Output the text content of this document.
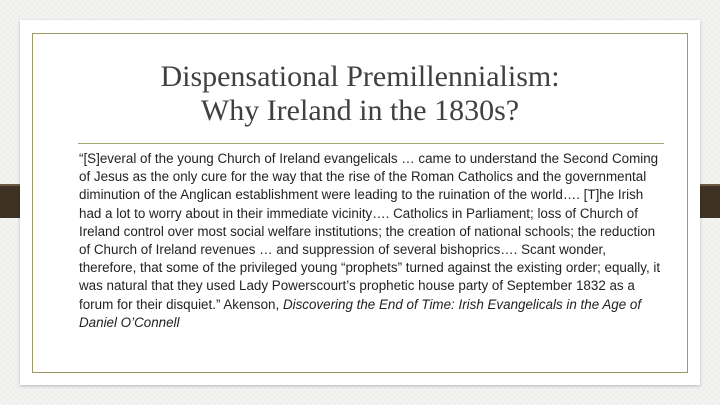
Dispensational Premillennialism:
Why Ireland in the 1830s?

“[S]everal of the young Church of Ireland evangelicals … came to understand the Second Coming of Jesus as the only cure for the way that the rise of the Roman Catholics and the governmental diminution of the Anglican establishment were leading to the ruination of the world…. [T]he Irish had a lot to worry about in their immediate vicinity…. Catholics in Parliament; loss of Church of Ireland control over most social welfare institutions; the creation of national schools; the reduction of Church of Ireland revenues … and suppression of several bishoprics…. Scant wonder, therefore, that some of the privileged young “prophets” turned against the existing order; equally, it was natural that they used Lady Powerscourt’s prophetic house party of September 1832 as a forum for their disquiet.” Akenson, Discovering the End of Time: Irish Evangelicals in the Age of Daniel O’Connell
